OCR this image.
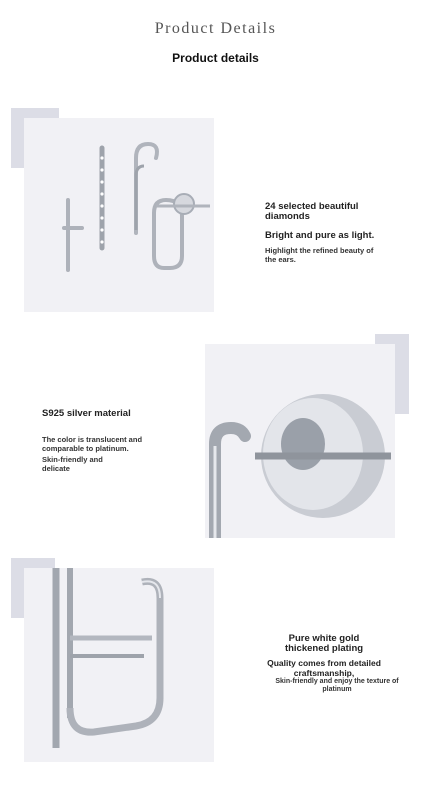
Product Details
Product details
24 selected beautiful diamonds
Bright and pure as light.
Highlight the refined beauty of the ears.
S925 silver material
The color is translucent and comparable to platinum.
Skin-friendly and delicate
Pure white gold thickened plating
Quality comes from detailed craftsmanship,
Skin-friendly and enjoy the texture of platinum
